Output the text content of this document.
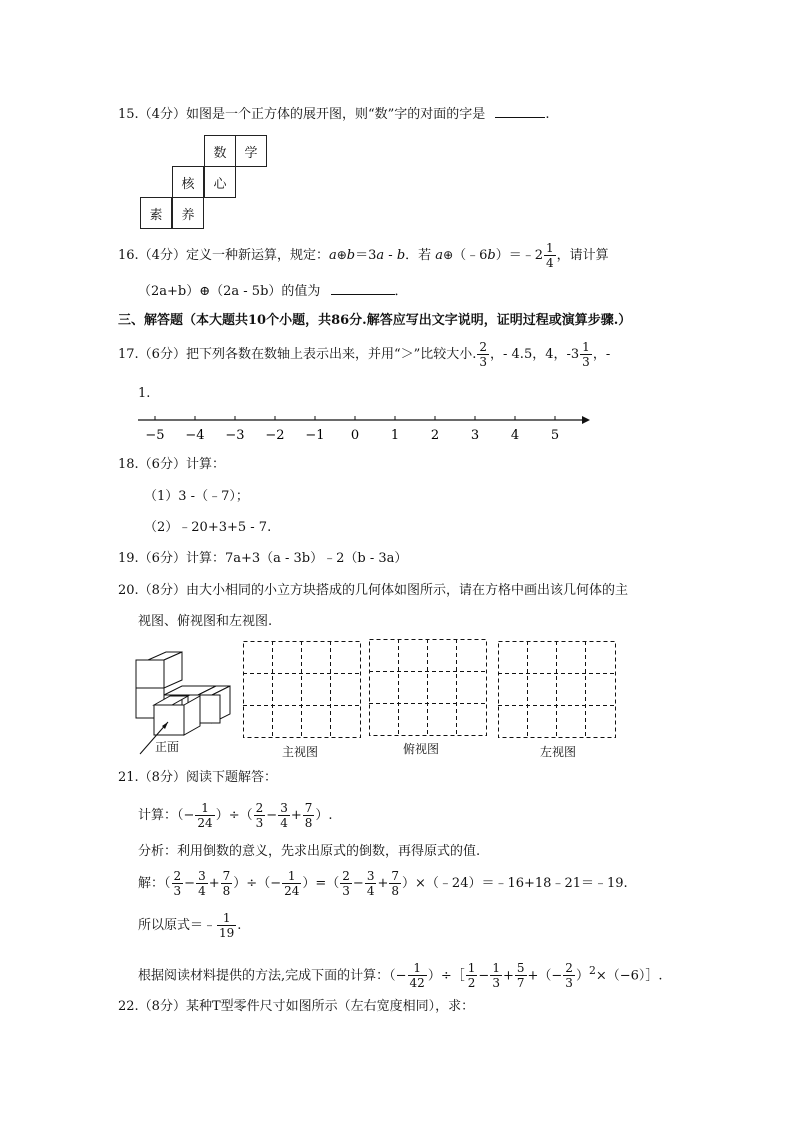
15.（4分）如图是一个正方体的展开图，则“数”字的对面的字是	.
数	学
核	心
素	养
16.（4分）定义一种新运算，规定：a⊕b＝3a - b．若 a⊕（﹣6b）＝﹣2 $\frac{1}{4}$ ，请计算
（2a+b）⊕（2a - 5b）的值为	．
三、解答题（本大题共10个小题，共86分.解答应写出文字说明，证明过程或演算步骤.）
17.（6分）把下列各数在数轴上表示出来，并用“＞”比较大小. $\frac{2}{3}$ ，- 4.5，4，$-3 \frac{1}{3}$ ，-
1.
−5 −4 −3 −2 −1 0 1 2 3 4 5
18.（6分）计算：
（1）3 -（﹣7）；
（2）﹣20+3+5 - 7.
19.（6分）计算：7a+3（a - 3b）﹣2（b - 3a）
20.（8分）由大小相同的小立方块搭成的几何体如图所示，请在方格中画出该几何体的主
视图、俯视图和左视图.
正面	主视图	俯视图	左视图
21.（8分）阅读下题解答：
计算：（− $\frac{1}{24}$ ）÷（ $\frac{2}{3} - \frac{3}{4} + \frac{7}{8}$ ）.
分析：利用倒数的意义，先求出原式的倒数，再得原式的值.
解：（ $\frac{2}{3} - \frac{3}{4} + \frac{7}{8}$ ）÷（− $\frac{1}{24}$ ）=（ $\frac{2}{3} - \frac{3}{4} + \frac{7}{8}$ ）×（﹣24）＝﹣16+18﹣21＝﹣19.
所以原式＝﹣ $\frac{1}{19}$ .
根据阅读材料提供的方法,完成下面的计算：（− $\frac{1}{42}$ ）÷［ $\frac{1}{2} - \frac{1}{3} + \frac{5}{7}$ +（− $\frac{2}{3}$ ）$^2$×（−6）］.
22.（8分）某种T型零件尺寸如图所示（左右宽度相同），求：
